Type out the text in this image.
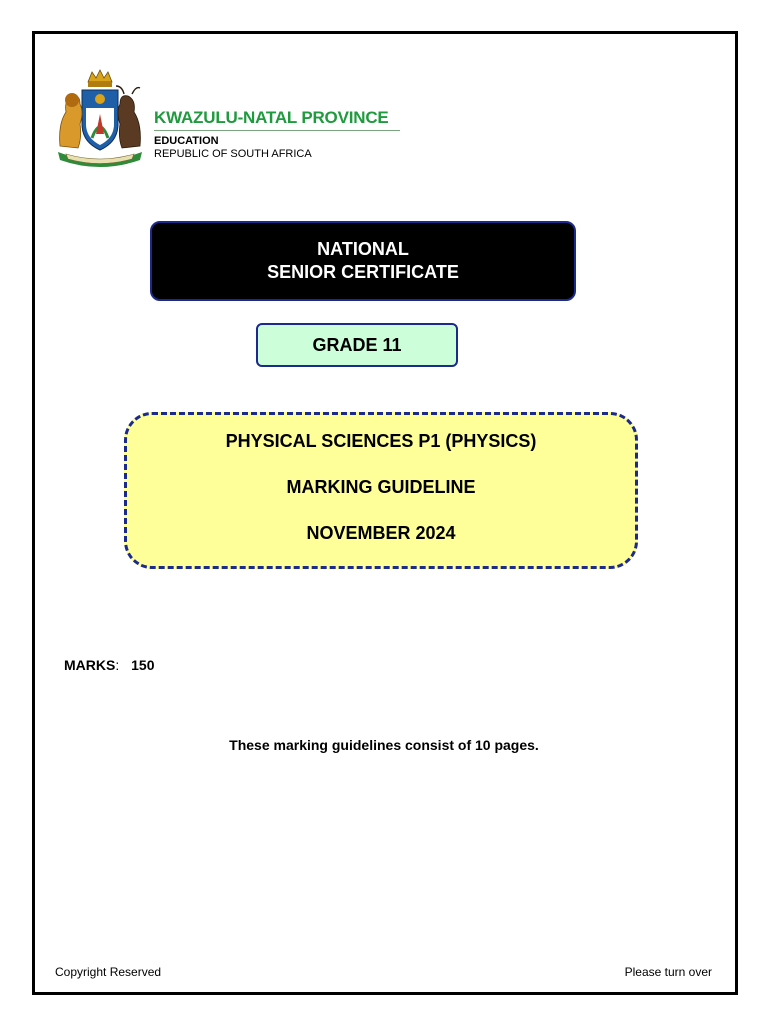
KWAZULU-NATAL PROVINCE
EDUCATION
REPUBLIC OF SOUTH AFRICA
NATIONAL
SENIOR CERTIFICATE
GRADE 11
PHYSICAL SCIENCES P1 (PHYSICS)
MARKING GUIDELINE
NOVEMBER 2024
MARKS: 150
These marking guidelines consist of 10 pages.
Copyright Reserved	Please turn over
